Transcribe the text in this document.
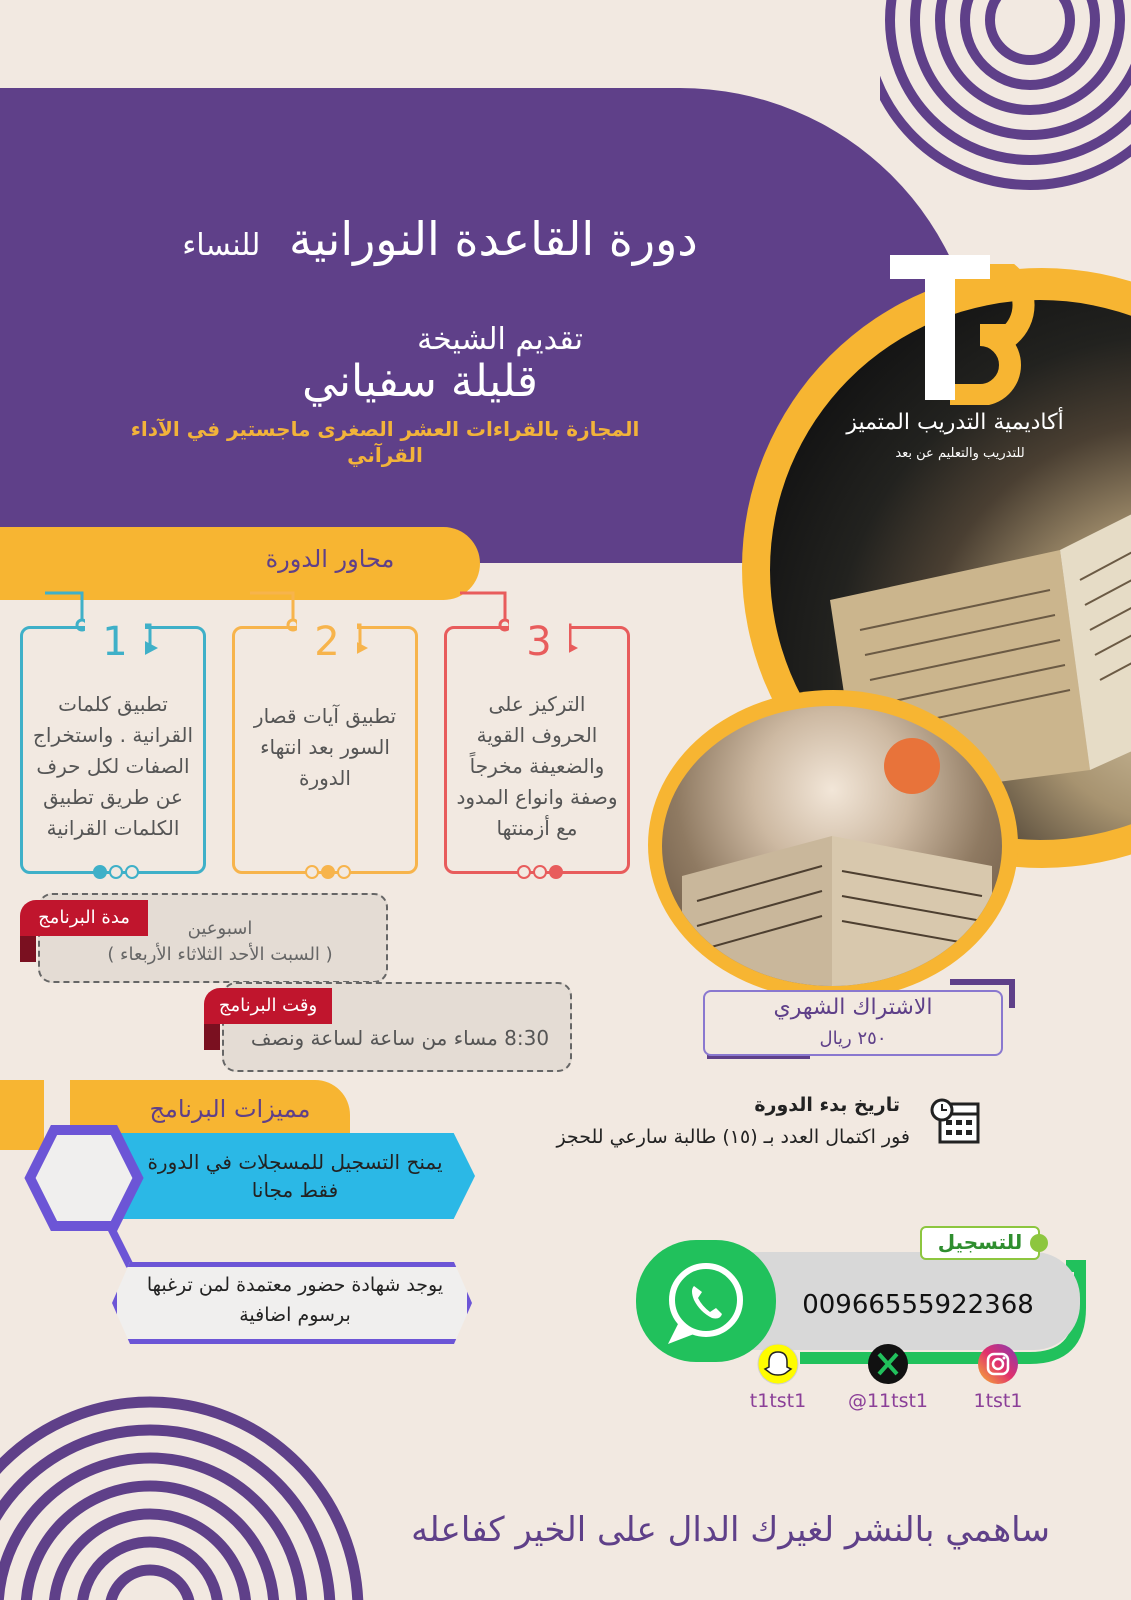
دورة القاعدة النورانية للنساء
تقديم الشيخة
قليلة سفياني
المجازة بالقراءات العشر الصغرى ماجستير في الآداء القرآني
أكاديمية التدريب المتميز
للتدريب والتعليم عن بعد
محاور الدورة
1
تطبيق كلمات القرانية . واستخراج الصفات لكل حرف عن طريق تطبيق الكلمات القرانية
2
تطبيق آيات قصار السور بعد انتهاء الدورة
3
التركيز على الحروف القوية والضعيفة مخرجاً وصفة وانواع المدود مع أزمنتها
مدة البرنامج
اسبوعين
( السبت الأحد الثلاثاء الأربعاء )
وقت البرنامج
8:30 مساء من ساعة لساعة ونصف
الاشتراك الشهري
٢٥٠ ريال
مميزات البرنامج
يمنح التسجيل للمسجلات في الدورة فقط مجانا
يوجد شهادة حضور معتمدة لمن ترغبها برسوم اضافية
تاريخ بدء الدورة
فور اكتمال العدد بـ (١٥) طالبة سارعي للحجز
00966555922368
للتسجيل
t1tst1	@11tst1	1tst1
ساهمي بالنشر لغيرك الدال على الخير كفاعله
